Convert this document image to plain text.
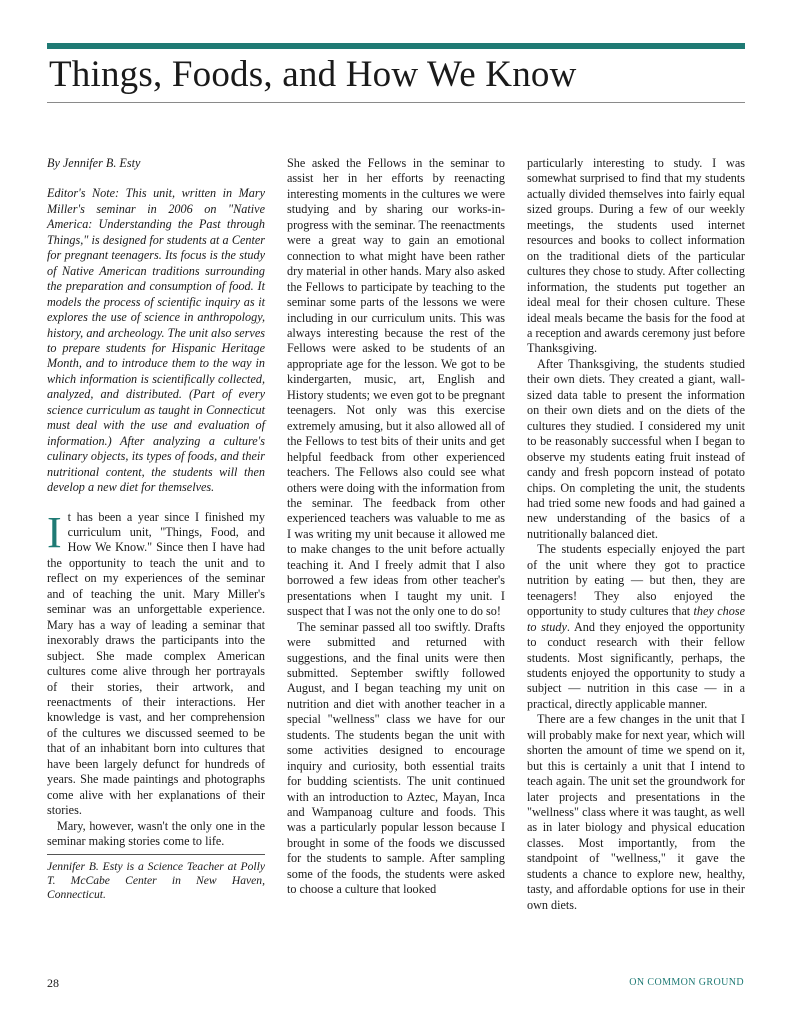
Things, Foods, and How We Know

By Jennifer B. Esty

Editor's Note: This unit, written in Mary Miller's seminar in 2006 on "Native America: Understanding the Past through Things," is designed for students at a Center for pregnant teenagers. Its focus is the study of Native American traditions surrounding the preparation and consumption of food. It models the process of scientific inquiry as it explores the use of science in anthropology, history, and archeology. The unit also serves to prepare students for Hispanic Heritage Month, and to introduce them to the way in which information is scientifically collected, analyzed, and distributed. (Part of every science curriculum as taught in Connecticut must deal with the use and evaluation of information.) After analyzing a culture's culinary objects, its types of foods, and their nutritional content, the students will then develop a new diet for themselves.

It has been a year since I finished my curriculum unit, "Things, Food, and How We Know." Since then I have had the opportunity to teach the unit and to reflect on my experiences of the seminar and of teaching the unit. Mary Miller's seminar was an unforgettable experience. Mary has a way of leading a seminar that inexorably draws the participants into the subject. She made complex American cultures come alive through her portrayals of their stories, their artwork, and reenactments of their interactions. Her knowledge is vast, and her comprehension of the cultures we discussed seemed to be that of an inhabitant born into cultures that have been largely defunct for hundreds of years. She made paintings and photographs come alive with her explanations of their stories.

Mary, however, wasn't the only one in the seminar making stories come to life.

Jennifer B. Esty is a Science Teacher at Polly T. McCabe Center in New Haven, Connecticut.

She asked the Fellows in the seminar to assist her in her efforts by reenacting interesting moments in the cultures we were studying and by sharing our works-in-progress with the seminar. The reenactments were a great way to gain an emotional connection to what might have been rather dry material in other hands. Mary also asked the Fellows to participate by teaching to the seminar some parts of the lessons we were including in our curriculum units. This was always interesting because the rest of the Fellows were asked to be students of an appropriate age for the lesson. We got to be kindergarten, music, art, English and History students; we even got to be pregnant teenagers. Not only was this exercise extremely amusing, but it also allowed all of the Fellows to test bits of their units and get helpful feedback from other experienced teachers. The Fellows also could see what others were doing with the information from the seminar. The feedback from other experienced teachers was valuable to me as I was writing my unit because it allowed me to make changes to the unit before actually teaching it. And I freely admit that I also borrowed a few ideas from other teacher's presentations when I taught my unit. I suspect that I was not the only one to do so!

The seminar passed all too swiftly. Drafts were submitted and returned with suggestions, and the final units were then submitted. September swiftly followed August, and I began teaching my unit on nutrition and diet with another teacher in a special "wellness" class we have for our students. The students began the unit with some activities designed to encourage inquiry and curiosity, both essential traits for budding scientists. The unit continued with an introduction to Aztec, Mayan, Inca and Wampanoag culture and foods. This was a particularly popular lesson because I brought in some of the foods we discussed for the students to sample. After sampling some of the foods, the students were asked to choose a culture that looked

particularly interesting to study. I was somewhat surprised to find that my students actually divided themselves into fairly equal sized groups. During a few of our weekly meetings, the students used internet resources and books to collect information on the traditional diets of the particular cultures they chose to study. After collecting information, the students put together an ideal meal for their chosen culture. These ideal meals became the basis for the food at a reception and awards ceremony just before Thanksgiving.

After Thanksgiving, the students studied their own diets. They created a giant, wall-sized data table to present the information on their own diets and on the diets of the cultures they studied. I considered my unit to be reasonably successful when I began to observe my students eating fruit instead of candy and fresh popcorn instead of potato chips. On completing the unit, the students had tried some new foods and had gained a new understanding of the basics of a nutritionally balanced diet.

The students especially enjoyed the part of the unit where they got to practice nutrition by eating — but then, they are teenagers! They also enjoyed the opportunity to study cultures that they chose to study. And they enjoyed the opportunity to conduct research with their fellow students. Most significantly, perhaps, the students enjoyed the opportunity to study a subject — nutrition in this case — in a practical, directly applicable manner.

There are a few changes in the unit that I will probably make for next year, which will shorten the amount of time we spend on it, but this is certainly a unit that I intend to teach again. The unit set the groundwork for later projects and presentations in the "wellness" class where it was taught, as well as in later biology and physical education classes. Most importantly, from the standpoint of "wellness," it gave the students a chance to explore new, healthy, tasty, and affordable options for use in their own diets.

28	ON COMMON GROUND
